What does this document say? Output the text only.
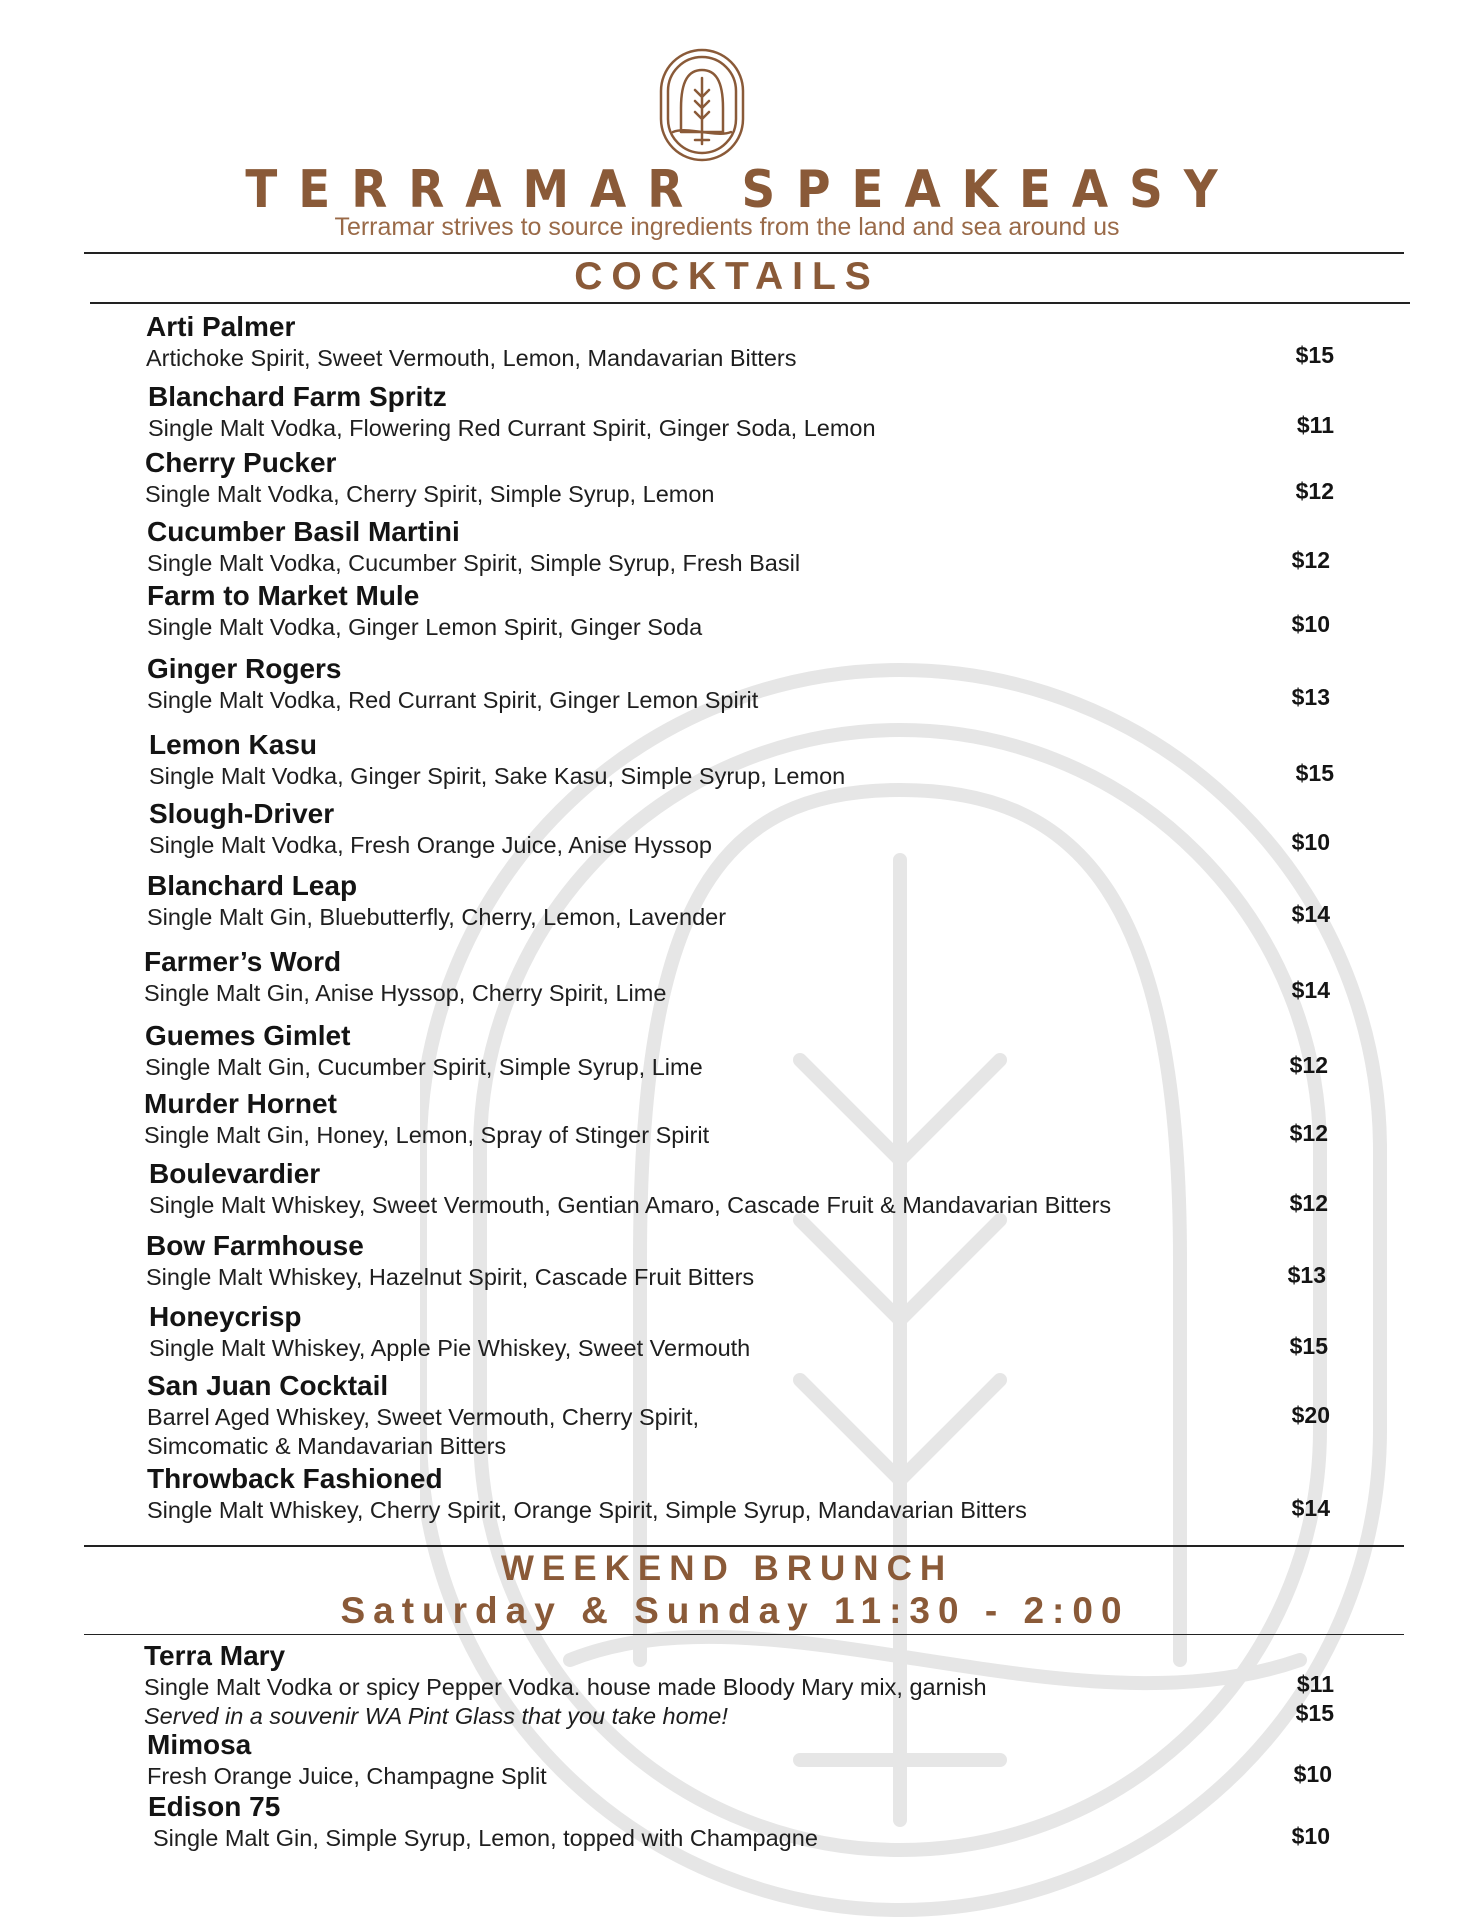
TERRAMAR SPEAKEASY
Terramar strives to source ingredients from the land and sea around us
COCKTAILS
Arti Palmer
Artichoke Spirit, Sweet Vermouth, Lemon, Mandavarian Bitters	$15
Blanchard Farm Spritz
Single Malt Vodka, Flowering Red Currant Spirit, Ginger Soda, Lemon	$11
Cherry Pucker
Single Malt Vodka, Cherry Spirit, Simple Syrup, Lemon	$12
Cucumber Basil Martini
Single Malt Vodka, Cucumber Spirit, Simple Syrup, Fresh Basil	$12
Farm to Market Mule
Single Malt Vodka, Ginger Lemon Spirit, Ginger Soda	$10
Ginger Rogers
Single Malt Vodka, Red Currant Spirit, Ginger Lemon Spirit	$13
Lemon Kasu
Single Malt Vodka, Ginger Spirit, Sake Kasu, Simple Syrup, Lemon	$15
Slough-Driver
Single Malt Vodka, Fresh Orange Juice, Anise Hyssop	$10
Blanchard Leap
Single Malt Gin, Bluebutterfly, Cherry, Lemon, Lavender	$14
Farmer’s Word
Single Malt Gin, Anise Hyssop, Cherry Spirit, Lime	$14
Guemes Gimlet
Single Malt Gin, Cucumber Spirit, Simple Syrup, Lime	$12
Murder Hornet
Single Malt Gin, Honey, Lemon, Spray of Stinger Spirit	$12
Boulevardier
Single Malt Whiskey, Sweet Vermouth, Gentian Amaro, Cascade Fruit & Mandavarian Bitters	$12
Bow Farmhouse
Single Malt Whiskey, Hazelnut Spirit, Cascade Fruit Bitters	$13
Honeycrisp
Single Malt Whiskey, Apple Pie Whiskey, Sweet Vermouth	$15
San Juan Cocktail
Barrel Aged Whiskey, Sweet Vermouth, Cherry Spirit,
Simcomatic & Mandavarian Bitters
$20
Throwback Fashioned
Single Malt Whiskey, Cherry Spirit, Orange Spirit, Simple Syrup, Mandavarian Bitters	$14
WEEKEND BRUNCH
Saturday & Sunday 11:30 - 2:00
Terra Mary
Single Malt Vodka or spicy Pepper Vodka. house made Bloody Mary mix, garnish
Served in a souvenir WA Pint Glass that you take home!
$11
$15
Mimosa
Fresh Orange Juice, Champagne Split	$10
Edison 75
Single Malt Gin, Simple Syrup, Lemon, topped with Champagne	$10
